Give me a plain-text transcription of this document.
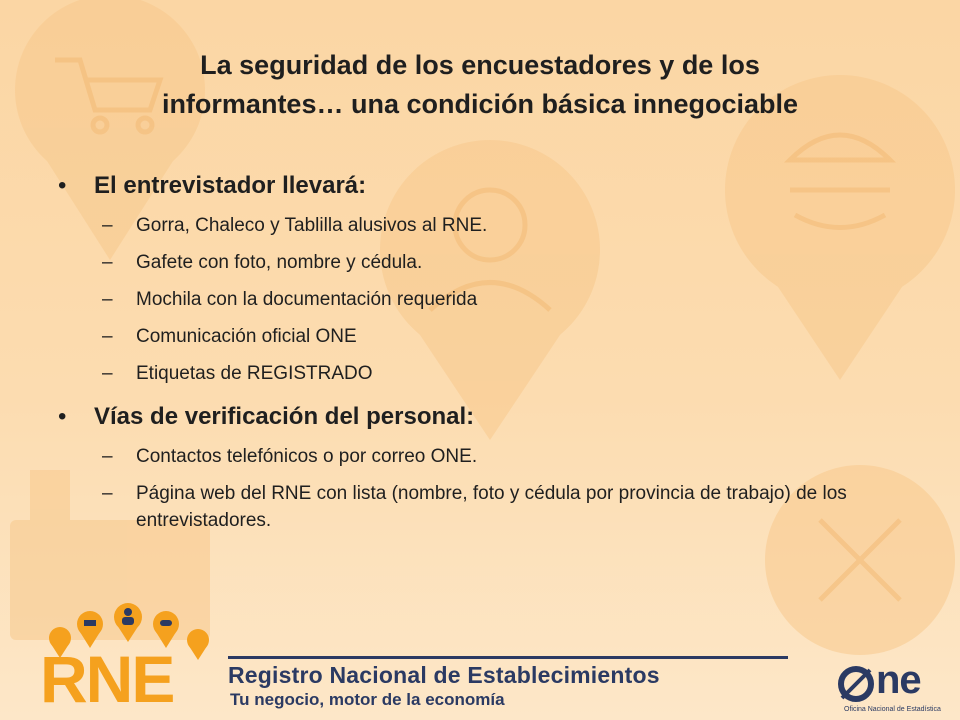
La seguridad de los encuestadores y de los
informantes… una condición básica innegociable
•	El entrevistador llevará:
–	Gorra, Chaleco y Tablilla alusivos al RNE.
–	Gafete con foto, nombre y cédula.
–	Mochila con la documentación requerida
–	Comunicación oficial ONE
–	Etiquetas de REGISTRADO
•	Vías de verificación del personal:
–	Contactos telefónicos o por correo ONE.
–	Página web del RNE con lista (nombre, foto y cédula por provincia de trabajo) de los entrevistadores.
RNE Registro Nacional de Establecimientos
Tu negocio, motor de la economía	ne
Oficina Nacional de Estadística
